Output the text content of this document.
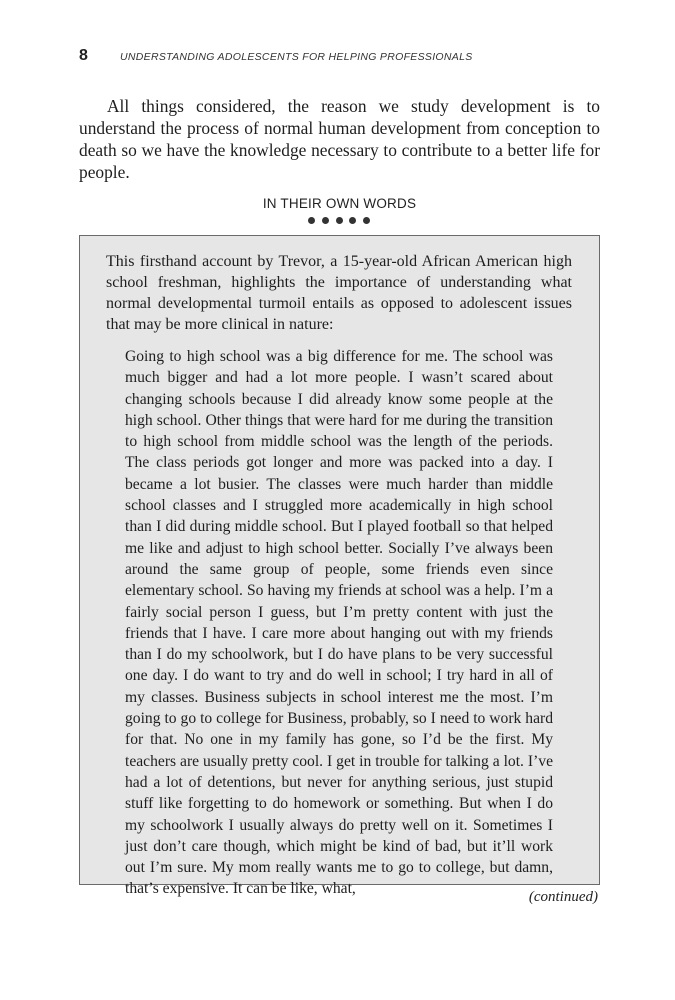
8	UNDERSTANDING ADOLESCENTS FOR HELPING PROFESSIONALS

All things considered, the reason we study development is to understand the process of normal human development from conception to death so we have the knowledge necessary to contribute to a better life for people.

IN THEIR OWN WORDS

This firsthand account by Trevor, a 15-year-old African American high school freshman, highlights the importance of understanding what normal developmental turmoil entails as opposed to adolescent issues that may be more clinical in nature:

Going to high school was a big difference for me. The school was much bigger and had a lot more people. I wasn’t scared about changing schools because I did already know some people at the high school. Other things that were hard for me during the transition to high school from middle school was the length of the periods. The class periods got longer and more was packed into a day. I became a lot busier. The classes were much harder than middle school classes and I struggled more academically in high school than I did during middle school. But I played football so that helped me like and adjust to high school better. Socially I’ve always been around the same group of people, some friends even since elementary school. So having my friends at school was a help. I’m a fairly social person I guess, but I’m pretty content with just the friends that I have. I care more about hanging out with my friends than I do my schoolwork, but I do have plans to be very successful one day. I do want to try and do well in school; I try hard in all of my classes. Business subjects in school interest me the most. I’m going to go to college for Business, probably, so I need to work hard for that. No one in my family has gone, so I’d be the first. My teachers are usually pretty cool. I get in trouble for talking a lot. I’ve had a lot of detentions, but never for anything serious, just stupid stuff like forgetting to do homework or something. But when I do my schoolwork I usually always do pretty well on it. Sometimes I just don’t care though, which might be kind of bad, but it’ll work out I’m sure. My mom really wants me to go to college, but damn, that’s expensive. It can be like, what,	(continued)
